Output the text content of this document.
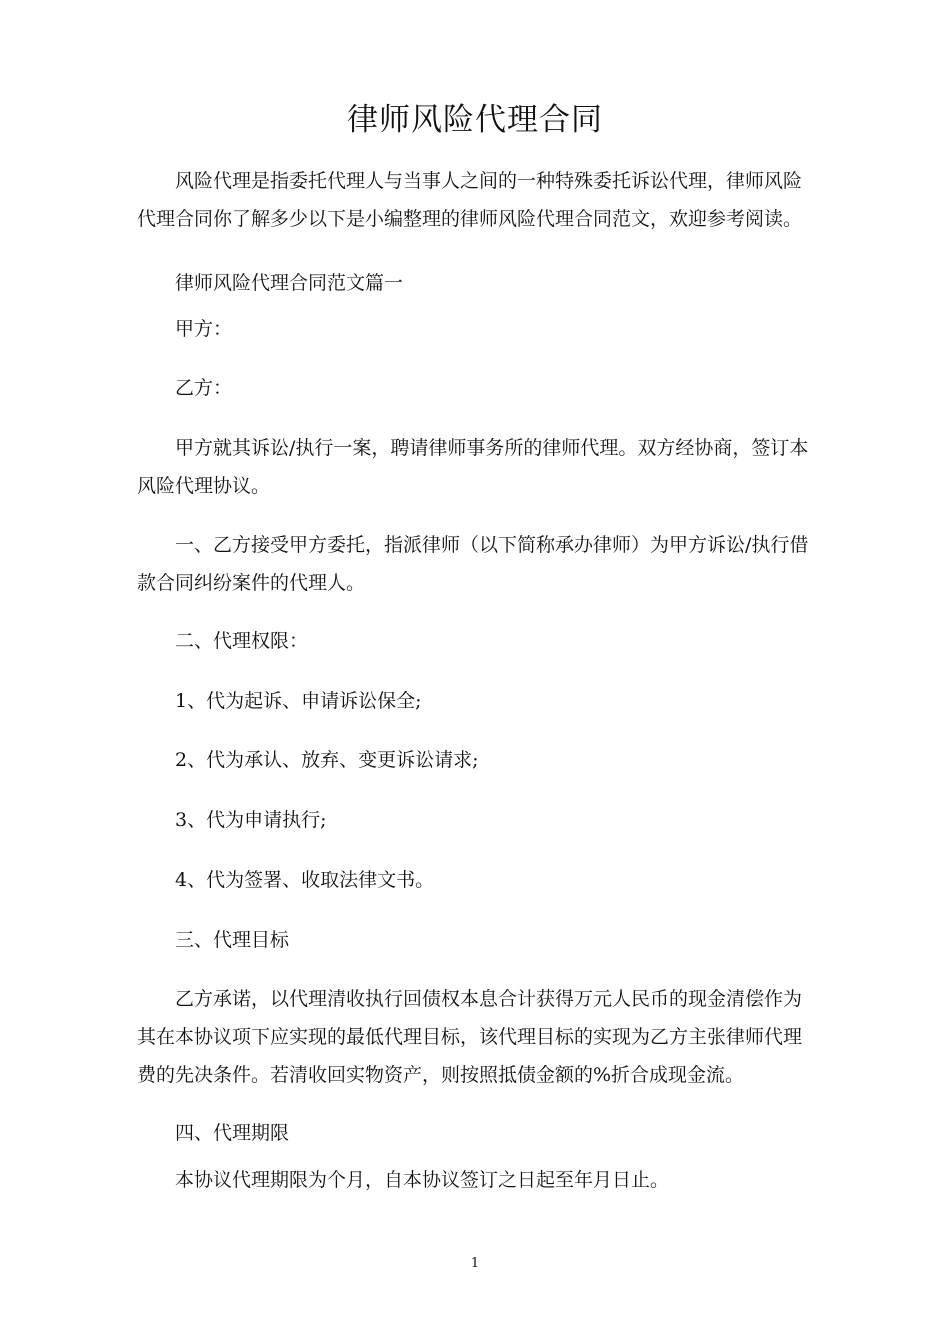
律师风险代理合同
风险代理是指委托代理人与当事人之间的一种特殊委托诉讼代理，律师风险代理合同你了解多少以下是小编整理的律师风险代理合同范文，欢迎参考阅读。
律师风险代理合同范文篇一
甲方：
乙方：
甲方就其诉讼/执行一案，聘请律师事务所的律师代理。双方经协商，签订本风险代理协议。
一、乙方接受甲方委托，指派律师（以下简称承办律师）为甲方诉讼/执行借款合同纠纷案件的代理人。
二、代理权限：
1、代为起诉、申请诉讼保全;
2、代为承认、放弃、变更诉讼请求;
3、代为申请执行;
4、代为签署、收取法律文书。
三、代理目标
乙方承诺，以代理清收执行回债权本息合计获得万元人民币的现金清偿作为其在本协议项下应实现的最低代理目标，该代理目标的实现为乙方主张律师代理费的先决条件。若清收回实物资产，则按照抵债金额的%折合成现金流。
四、代理期限
本协议代理期限为个月，自本协议签订之日起至年月日止。
1
